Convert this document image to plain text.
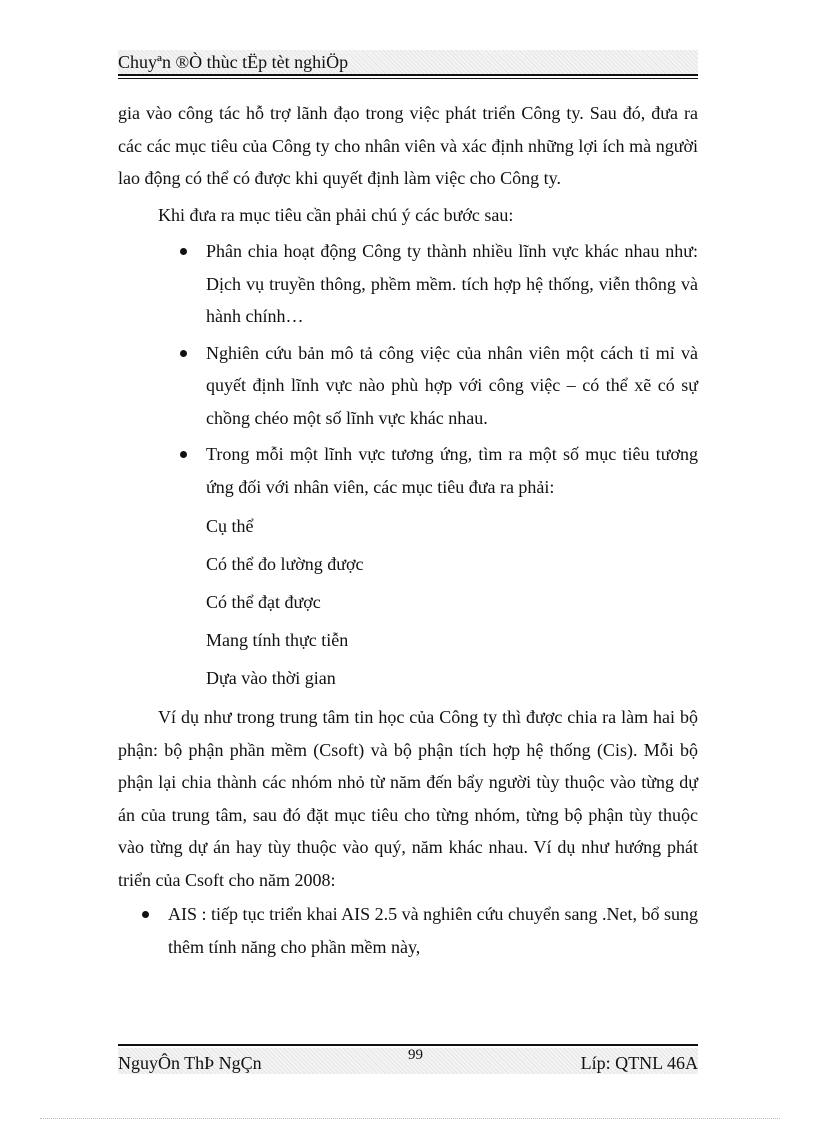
Chuyªn ®Ò thùc tËp tèt nghiÖp

gia vào công tác hỗ trợ lãnh đạo trong việc phát triển Công ty. Sau đó, đưa ra các các mục tiêu của Công ty cho nhân viên và xác định những lợi ích mà người lao động có thể có được khi quyết định làm việc cho Công ty.

Khi đưa ra mục tiêu cần phải chú ý các bước sau:

Phân chia hoạt động Công ty thành nhiều lĩnh vực khác nhau như: Dịch vụ truyền thông, phềm mềm. tích hợp hệ thống, viễn thông và hành chính…

Nghiên cứu bản mô tả công việc của nhân viên một cách tỉ mỉ và quyết định lĩnh vực nào phù hợp với công việc – có thể xẽ có sự chồng chéo một số lĩnh vực khác nhau.

Trong mỗi một lĩnh vực tương ứng, tìm ra một số mục tiêu tương ứng đối với nhân viên, các mục tiêu đưa ra phải:

Cụ thể
Có thể đo lường được
Có thể đạt được
Mang tính thực tiễn
Dựa vào thời gian

Ví dụ như trong trung tâm tin học của Công ty thì được chia ra làm hai bộ phận: bộ phận phần mềm (Csoft) và bộ phận tích hợp hệ thống (Cis). Mỗi bộ phận lại chia thành các nhóm nhỏ từ năm đến bẩy người tùy thuộc vào từng dự án của trung tâm, sau đó đặt mục tiêu cho từng nhóm, từng bộ phận tùy thuộc vào từng dự án hay tùy thuộc vào quý, năm khác nhau. Ví dụ như hướng phát triển của Csoft cho năm 2008:

AIS : tiếp tục triển khai AIS 2.5 và nghiên cứu chuyển sang .Net, bổ sung thêm tính năng cho phần mềm này,

NguyÔn ThÞ NgÇn	99	Líp: QTNL 46A
